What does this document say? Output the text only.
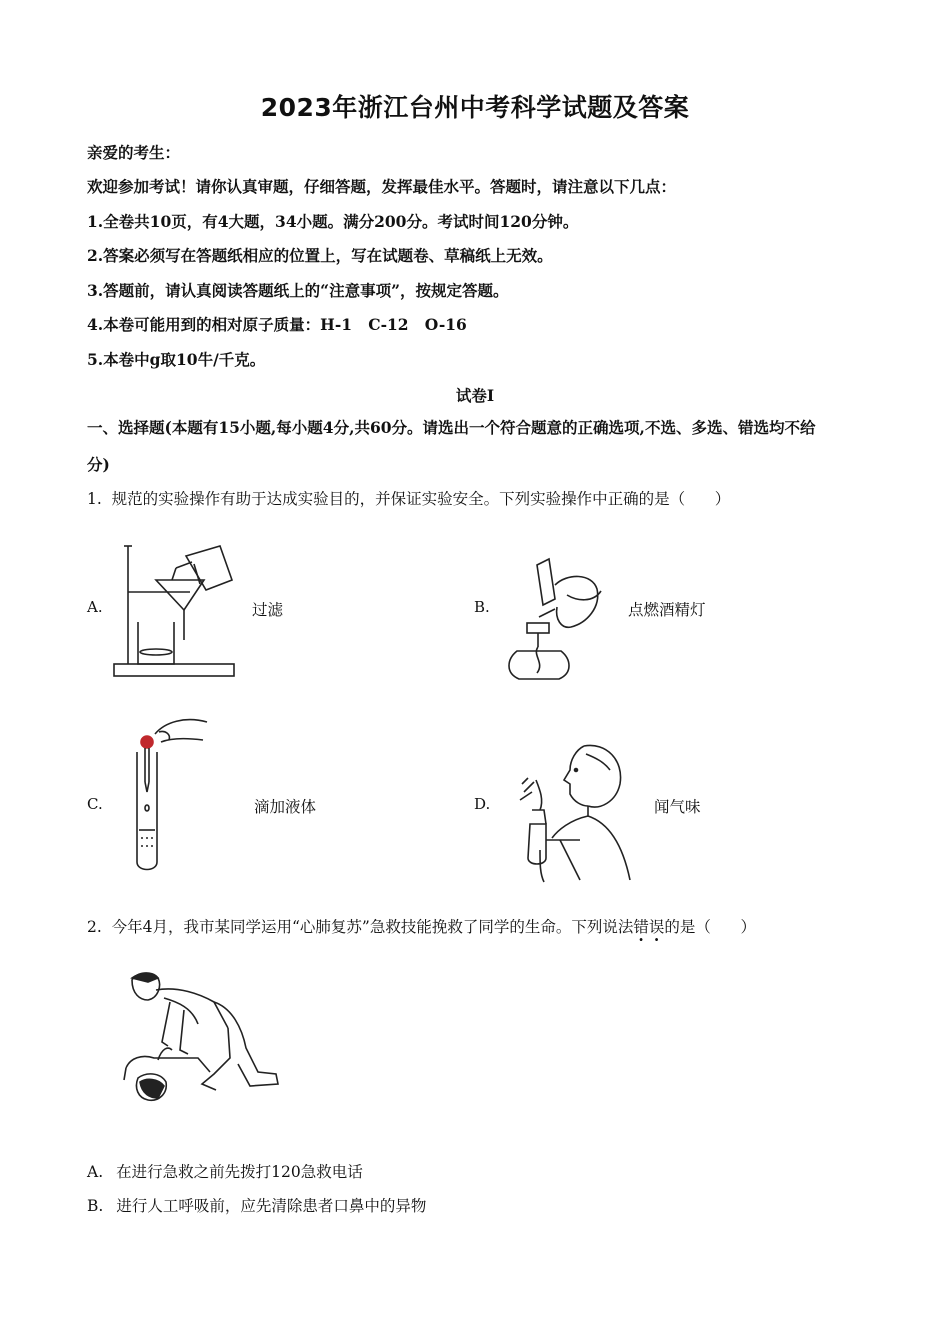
2023年浙江台州中考科学试题及答案
亲爱的考生：
欢迎参加考试！请你认真审题，仔细答题，发挥最佳水平。答题时，请注意以下几点：
1.全卷共10页，有4大题，34小题。满分200分。考试时间120分钟。
2.答案必须写在答题纸相应的位置上，写在试题卷、草稿纸上无效。
3.答题前，请认真阅读答题纸上的“注意事项”，按规定答题。
4.本卷可能用到的相对原子质量：H-1   C-12   O-16
5.本卷中g取10牛/千克。
试卷Ⅰ
一、选择题(本题有15小题,每小题4分,共60分。请选出一个符合题意的正确选项,不选、多选、错选均不给
分)
1.  规范的实验操作有助于达成实验目的，并保证实验安全。下列实验操作中正确的是（      ）
A.	过滤	B.	点燃酒精灯
C.	滴加液体	D.	闻气味
2.  今年4月，我市某同学运用“心肺复苏”急救技能挽救了同学的生命。下列说法错误的是（      ）
A. 在进行急救之前先拨打120急救电话
B. 进行人工呼吸前，应先清除患者口鼻中的异物
